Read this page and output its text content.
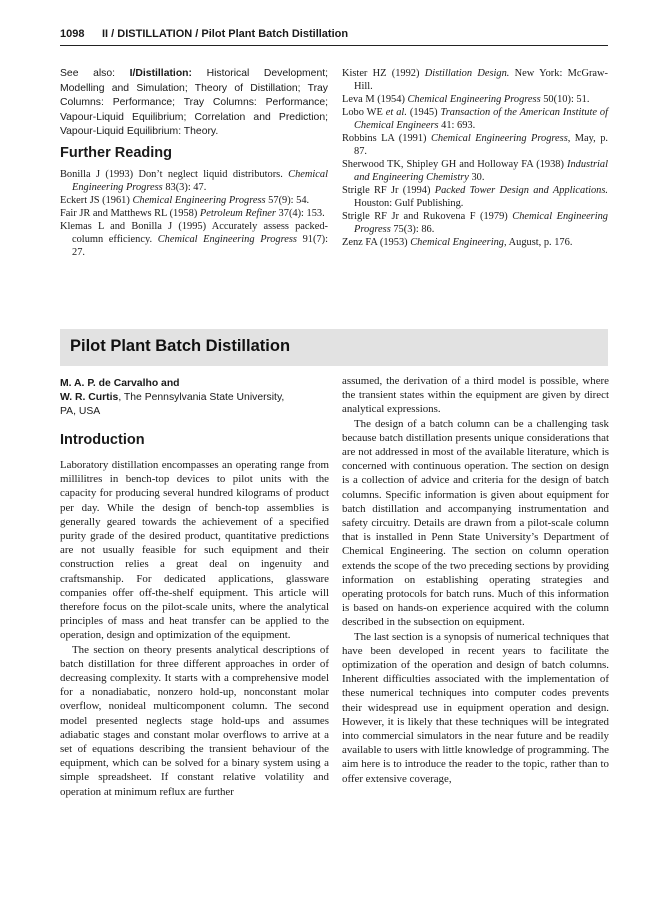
1098 II / DISTILLATION / Pilot Plant Batch Distillation
See also: I/Distillation: Historical Development; Modelling and Simulation; Theory of Distillation; Tray Columns: Performance; Tray Columns: Performance; Vapour-Liquid Equilibrium; Correlation and Prediction; Vapour-Liquid Equilibrium: Theory.
Further Reading
Bonilla J (1993) Don’t neglect liquid distributors. Chemical Engineering Progress 83(3): 47.
Eckert JS (1961) Chemical Engineering Progress 57(9): 54.
Fair JR and Matthews RL (1958) Petroleum Refiner 37(4): 153.
Klemas L and Bonilla J (1995) Accurately assess packed-column efficiency. Chemical Engineering Progress 91(7): 27.
Kister HZ (1992) Distillation Design. New York: McGraw-Hill.
Leva M (1954) Chemical Engineering Progress 50(10): 51.
Lobo WE et al. (1945) Transaction of the American Institute of Chemical Engineers 41: 693.
Robbins LA (1991) Chemical Engineering Progress, May, p. 87.
Sherwood TK, Shipley GH and Holloway FA (1938) Industrial and Engineering Chemistry 30.
Strigle RF Jr (1994) Packed Tower Design and Applications. Houston: Gulf Publishing.
Strigle RF Jr and Rukovena F (1979) Chemical Engineering Progress 75(3): 86.
Zenz FA (1953) Chemical Engineering, August, p. 176.
Pilot Plant Batch Distillation
M. A. P. de Carvalho and
W. R. Curtis, The Pennsylvania State University,
PA, USA
Introduction

Laboratory distillation encompasses an operating range from millilitres in bench-top devices to pilot units with the capacity for producing several hundred kilograms of product per day. While the design of bench-top assemblies is generally geared towards the achievement of a specified purity grade of the desired product, quantitative predictions are not usually feasible for such equipment and their construction relies a great deal on ingenuity and craftsmanship. For dedicated applications, glassware companies offer off-the-shelf equipment. This article will therefore focus on the pilot-scale units, where the analytical principles of mass and heat transfer can be applied to the operation, design and optimization of the equipment.

The section on theory presents analytical descriptions of batch distillation for three different approaches in order of decreasing complexity. It starts with a comprehensive model for a nonadiabatic, nonzero hold-up, nonconstant molar overflow, nonideal multicomponent column. The second model presented neglects stage hold-ups and assumes adiabatic stages and constant molar overflows to arrive at a set of equations describing the transient behaviour of the equipment, which can be solved for a binary system using a simple spreadsheet. If constant relative volatility and operation at minimum reflux are further

assumed, the derivation of a third model is possible, where the transient states within the equipment are given by direct analytical expressions.

The design of a batch column can be a challenging task because batch distillation presents unique considerations that are not addressed in most of the available literature, which is concerned with continuous operation. The section on design is a collection of advice and criteria for the design of batch columns. Specific information is given about equipment for batch distillation and accompanying instrumentation and safety circuitry. Details are drawn from a pilot-scale column that is installed in Penn State University’s Department of Chemical Engineering. The section on column operation extends the scope of the two preceding sections by providing information on establishing operating strategies and operating protocols for batch runs. Much of this information is based on hands-on experience acquired with the column described in the subsection on equipment.

The last section is a synopsis of numerical techniques that have been developed in recent years to facilitate the optimization of the operation and design of batch columns. Inherent difficulties associated with the implementation of these numerical techniques into computer codes prevents their widespread use in equipment operation and design. However, it is likely that these techniques will be integrated into commercial simulators in the near future and be readily available to users with little knowledge of programming. The aim here is to introduce the reader to the topic, rather than to offer extensive coverage,
